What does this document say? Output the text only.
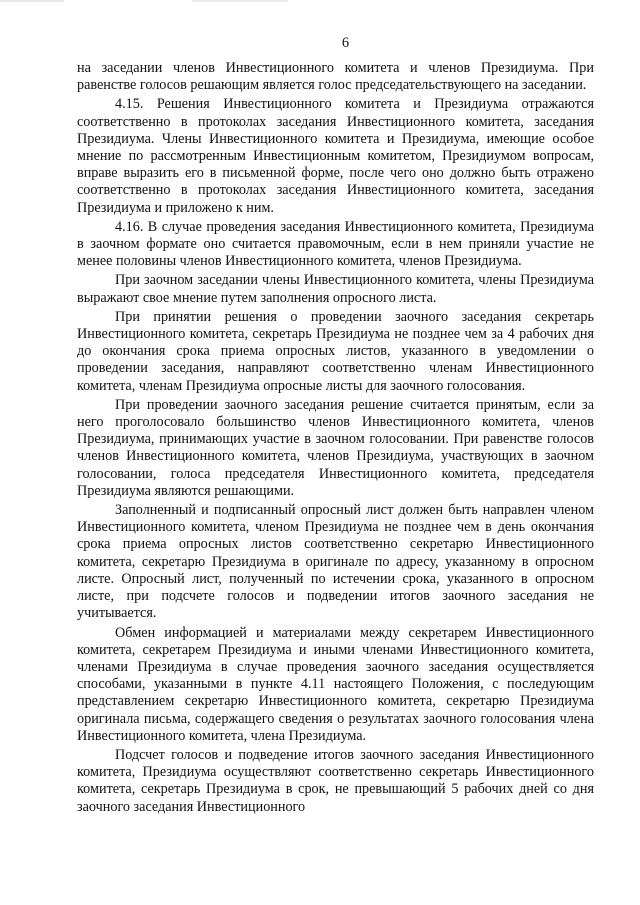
6

на заседании членов Инвестиционного комитета и членов Президиума. При равенстве голосов решающим является голос председательствующего на заседании.

4.15. Решения Инвестиционного комитета и Президиума отражаются соответственно в протоколах заседания Инвестиционного комитета, заседания Президиума. Члены Инвестиционного комитета и Президиума, имеющие особое мнение по рассмотренным Инвестиционным комитетом, Президиумом вопросам, вправе выразить его в письменной форме, после чего оно должно быть отражено соответственно в протоколах заседания Инвестиционного комитета, заседания Президиума и приложено к ним.

4.16. В случае проведения заседания Инвестиционного комитета, Президиума в заочном формате оно считается правомочным, если в нем приняли участие не менее половины членов Инвестиционного комитета, членов Президиума.

При заочном заседании члены Инвестиционного комитета, члены Президиума выражают свое мнение путем заполнения опросного листа.

При принятии решения о проведении заочного заседания секретарь Инвестиционного комитета, секретарь Президиума не позднее чем за 4 рабочих дня до окончания срока приема опросных листов, указанного в уведомлении о проведении заседания, направляют соответственно членам Инвестиционного комитета, членам Президиума опросные листы для заочного голосования.

При проведении заочного заседания решение считается принятым, если за него проголосовало большинство членов Инвестиционного комитета, членов Президиума, принимающих участие в заочном голосовании. При равенстве голосов членов Инвестиционного комитета, членов Президиума, участвующих в заочном голосовании, голоса председателя Инвестиционного комитета, председателя Президиума являются решающими.

Заполненный и подписанный опросный лист должен быть направлен членом Инвестиционного комитета, членом Президиума не позднее чем в день окончания срока приема опросных листов соответственно секретарю Инвестиционного комитета, секретарю Президиума в оригинале по адресу, указанному в опросном листе. Опросный лист, полученный по истечении срока, указанного в опросном листе, при подсчете голосов и подведении итогов заочного заседания не учитывается.

Обмен информацией и материалами между секретарем Инвестиционного комитета, секретарем Президиума и иными членами Инвестиционного комитета, членами Президиума в случае проведения заочного заседания осуществляется способами, указанными в пункте 4.11 настоящего Положения, с последующим представлением секретарю Инвестиционного комитета, секретарю Президиума оригинала письма, содержащего сведения о результатах заочного голосования члена Инвестиционного комитета, члена Президиума.

Подсчет голосов и подведение итогов заочного заседания Инвестиционного комитета, Президиума осуществляют соответственно секретарь Инвестиционного комитета, секретарь Президиума в срок, не превышающий 5 рабочих дней со дня заочного заседания Инвестиционного
